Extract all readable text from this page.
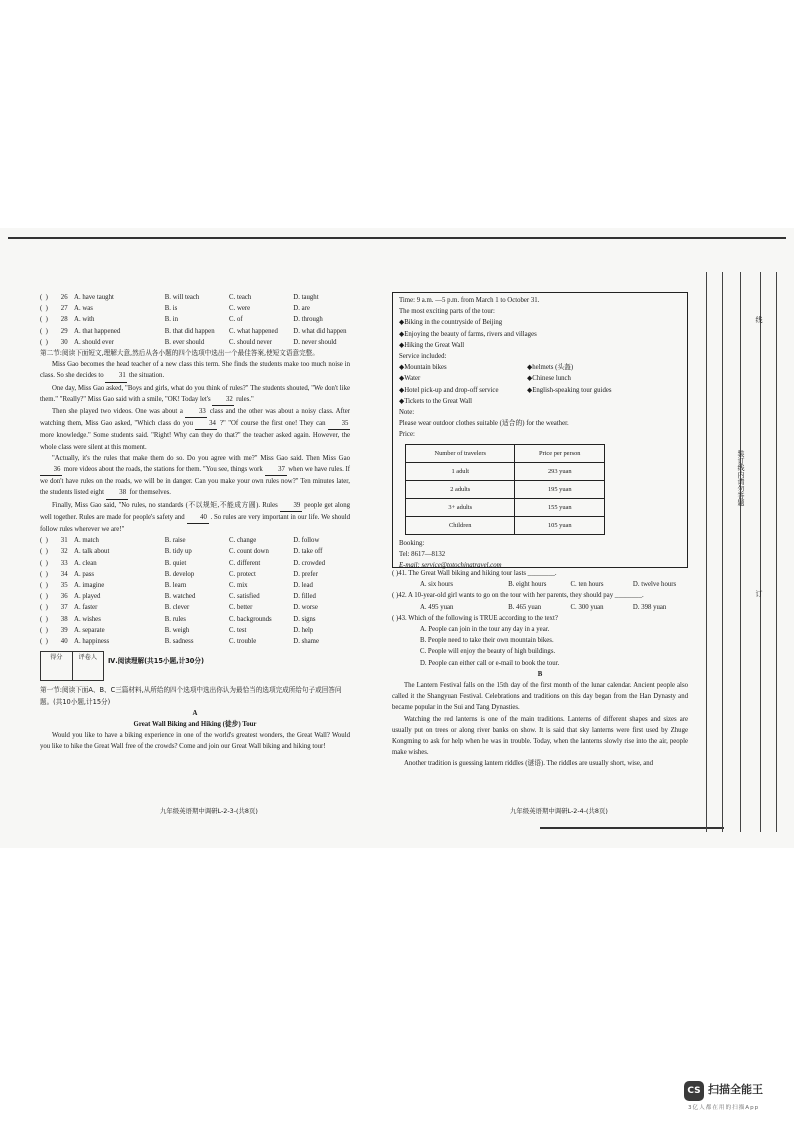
(  )	26 A. have taught	B. will teach	C. teach	D. taught
(  )	27 A. was	B. is	C. were	D. are
(  )	28 A. with	B. in	C. of	D. through
(  )	29 A. that happened	B. that did happen	C. what happened	D. what did happen
(  )	30 A. should ever	B. ever should	C. should never	D. never should
第二节:阅读下面短文,理解大意,然后从各小题的四个选项中选出一个最佳答案,使短文语意完整。
Miss Gao becomes the head teacher of a new class this term. She finds the students make too much noise in class. So she decides to 31 the situation.
One day, Miss Gao asked, "Boys and girls, what do you think of rules?" The students shouted, "We don't like them." "Really?" Miss Gao said with a smile, "OK! Today let's 32 rules."
Then she played two videos. One was about a 33 class and the other was about a noisy class. After watching them, Miss Gao asked, "Which class do you 34 ?" "Of course the first one! They can 35 more knowledge." Some students said. "Right! Why can they do that?" the teacher asked again. However, the whole class were silent at this moment.
"Actually, it's the rules that make them do so. Do you agree with me?" Miss Gao said. Then Miss Gao 36 more videos about the roads, the stations for them. "You see, things work 37 when we have rules. If we don't have rules on the roads, we will be in danger. Can you make your own rules now?" Ten minutes later, the students listed eight 38 for themselves.
Finally, Miss Gao said, "No rules, no standards (不以规矩,不能成方圆). Rules 39 people get along well together. Rules are made for people's safety and 40 . So rules are very important in our life. We should follow rules wherever we are!"
(  )	31 A. match	B. raise	C. change	D. follow
(  )	32 A. talk about	B. tidy up	C. count down	D. take off
(  )	33 A. clean	B. quiet	C. different	D. crowded
(  )	34 A. pass	B. develop	C. protect	D. prefer
(  )	35 A. imagine	B. learn	C. mix	D. lead
(  )	36 A. played	B. watched	C. satisfied	D. filled
(  )	37 A. faster	B. clever	C. better	D. worse
(  )	38 A. wishes	B. rules	C. backgrounds	D. signs
(  )	39 A. separate	B. weigh	C. test	D. help
(  )	40 A. happiness	B. sadness	C. trouble	D. shame
得分	评卷人	Ⅳ.阅读理解(共15小题,计30分)
第一节:阅读下面A、B、C三篇材料,从所给的四个选项中选出你认为最恰当的选项完成所给句子或回答问题。(共10小题,计15分)
A
Great Wall Biking and Hiking (徒步) Tour
Would you like to have a biking experience in one of the world's greatest wonders, the Great Wall? Would you like to hike the Great Wall free of the crowds? Come and join our Great Wall biking and hiking tour!
九年级英语期中调研L-2-3-(共8页)
Time: 9 a.m. —5 p.m. from March 1 to October 31.
The most exciting parts of the tour:
◆Biking in the countryside of Beijing
◆Enjoying the beauty of farms, rivers and villages
◆Hiking the Great Wall
Service included:
◆Mountain bikes	◆helmets (头盔)
◆Water	◆Chinese lunch
◆Hotel pick-up and drop-off service	◆English-speaking tour guides
◆Tickets to the Great Wall
Note:
Please wear outdoor clothes suitable (适合的) for the weather.
Price:
Number of travelers	Price per person
1 adult	293 yuan
2 adults	195 yuan
3+ adults	155 yuan
Children	105 yuan
Booking:
Tel: 8617—8132
E-mail: service@totochinatravel.com
( )41. The Great Wall biking and hiking tour lasts ________.
A. six hours	B. eight hours	C. ten hours	D. twelve hours
( )42. A 10-year-old girl wants to go on the tour with her parents, they should pay ________.
A. 495 yuan	B. 465 yuan	C. 300 yuan	D. 398 yuan
( )43. Which of the following is TRUE according to the text?
A. People can join in the tour any day in a year.
B. People need to take their own mountain bikes.
C. People will enjoy the beauty of high buildings.
D. People can either call or e-mail to book the tour.
B
The Lantern Festival falls on the 15th day of the first month of the lunar calendar. Ancient people also called it the Shangyuan Festival. Celebrations and traditions on this day began from the Han Dynasty and became popular in the Sui and Tang Dynasties.
Watching the red lanterns is one of the main traditions. Lanterns of different shapes and sizes are usually put on trees or along river banks on show. It is said that sky lanterns were first used by Zhuge Kongming to ask for help when he was in trouble. Today, when the lanterns slowly rise into the air, people make wishes.
Another tradition is guessing lantern riddles (谜语). The riddles are usually short, wise, and
九年级英语期中调研L-2-4-(共8页)
装订线内请勿答题
线
订
CS 扫描全能王
3亿人都在用的扫描App
